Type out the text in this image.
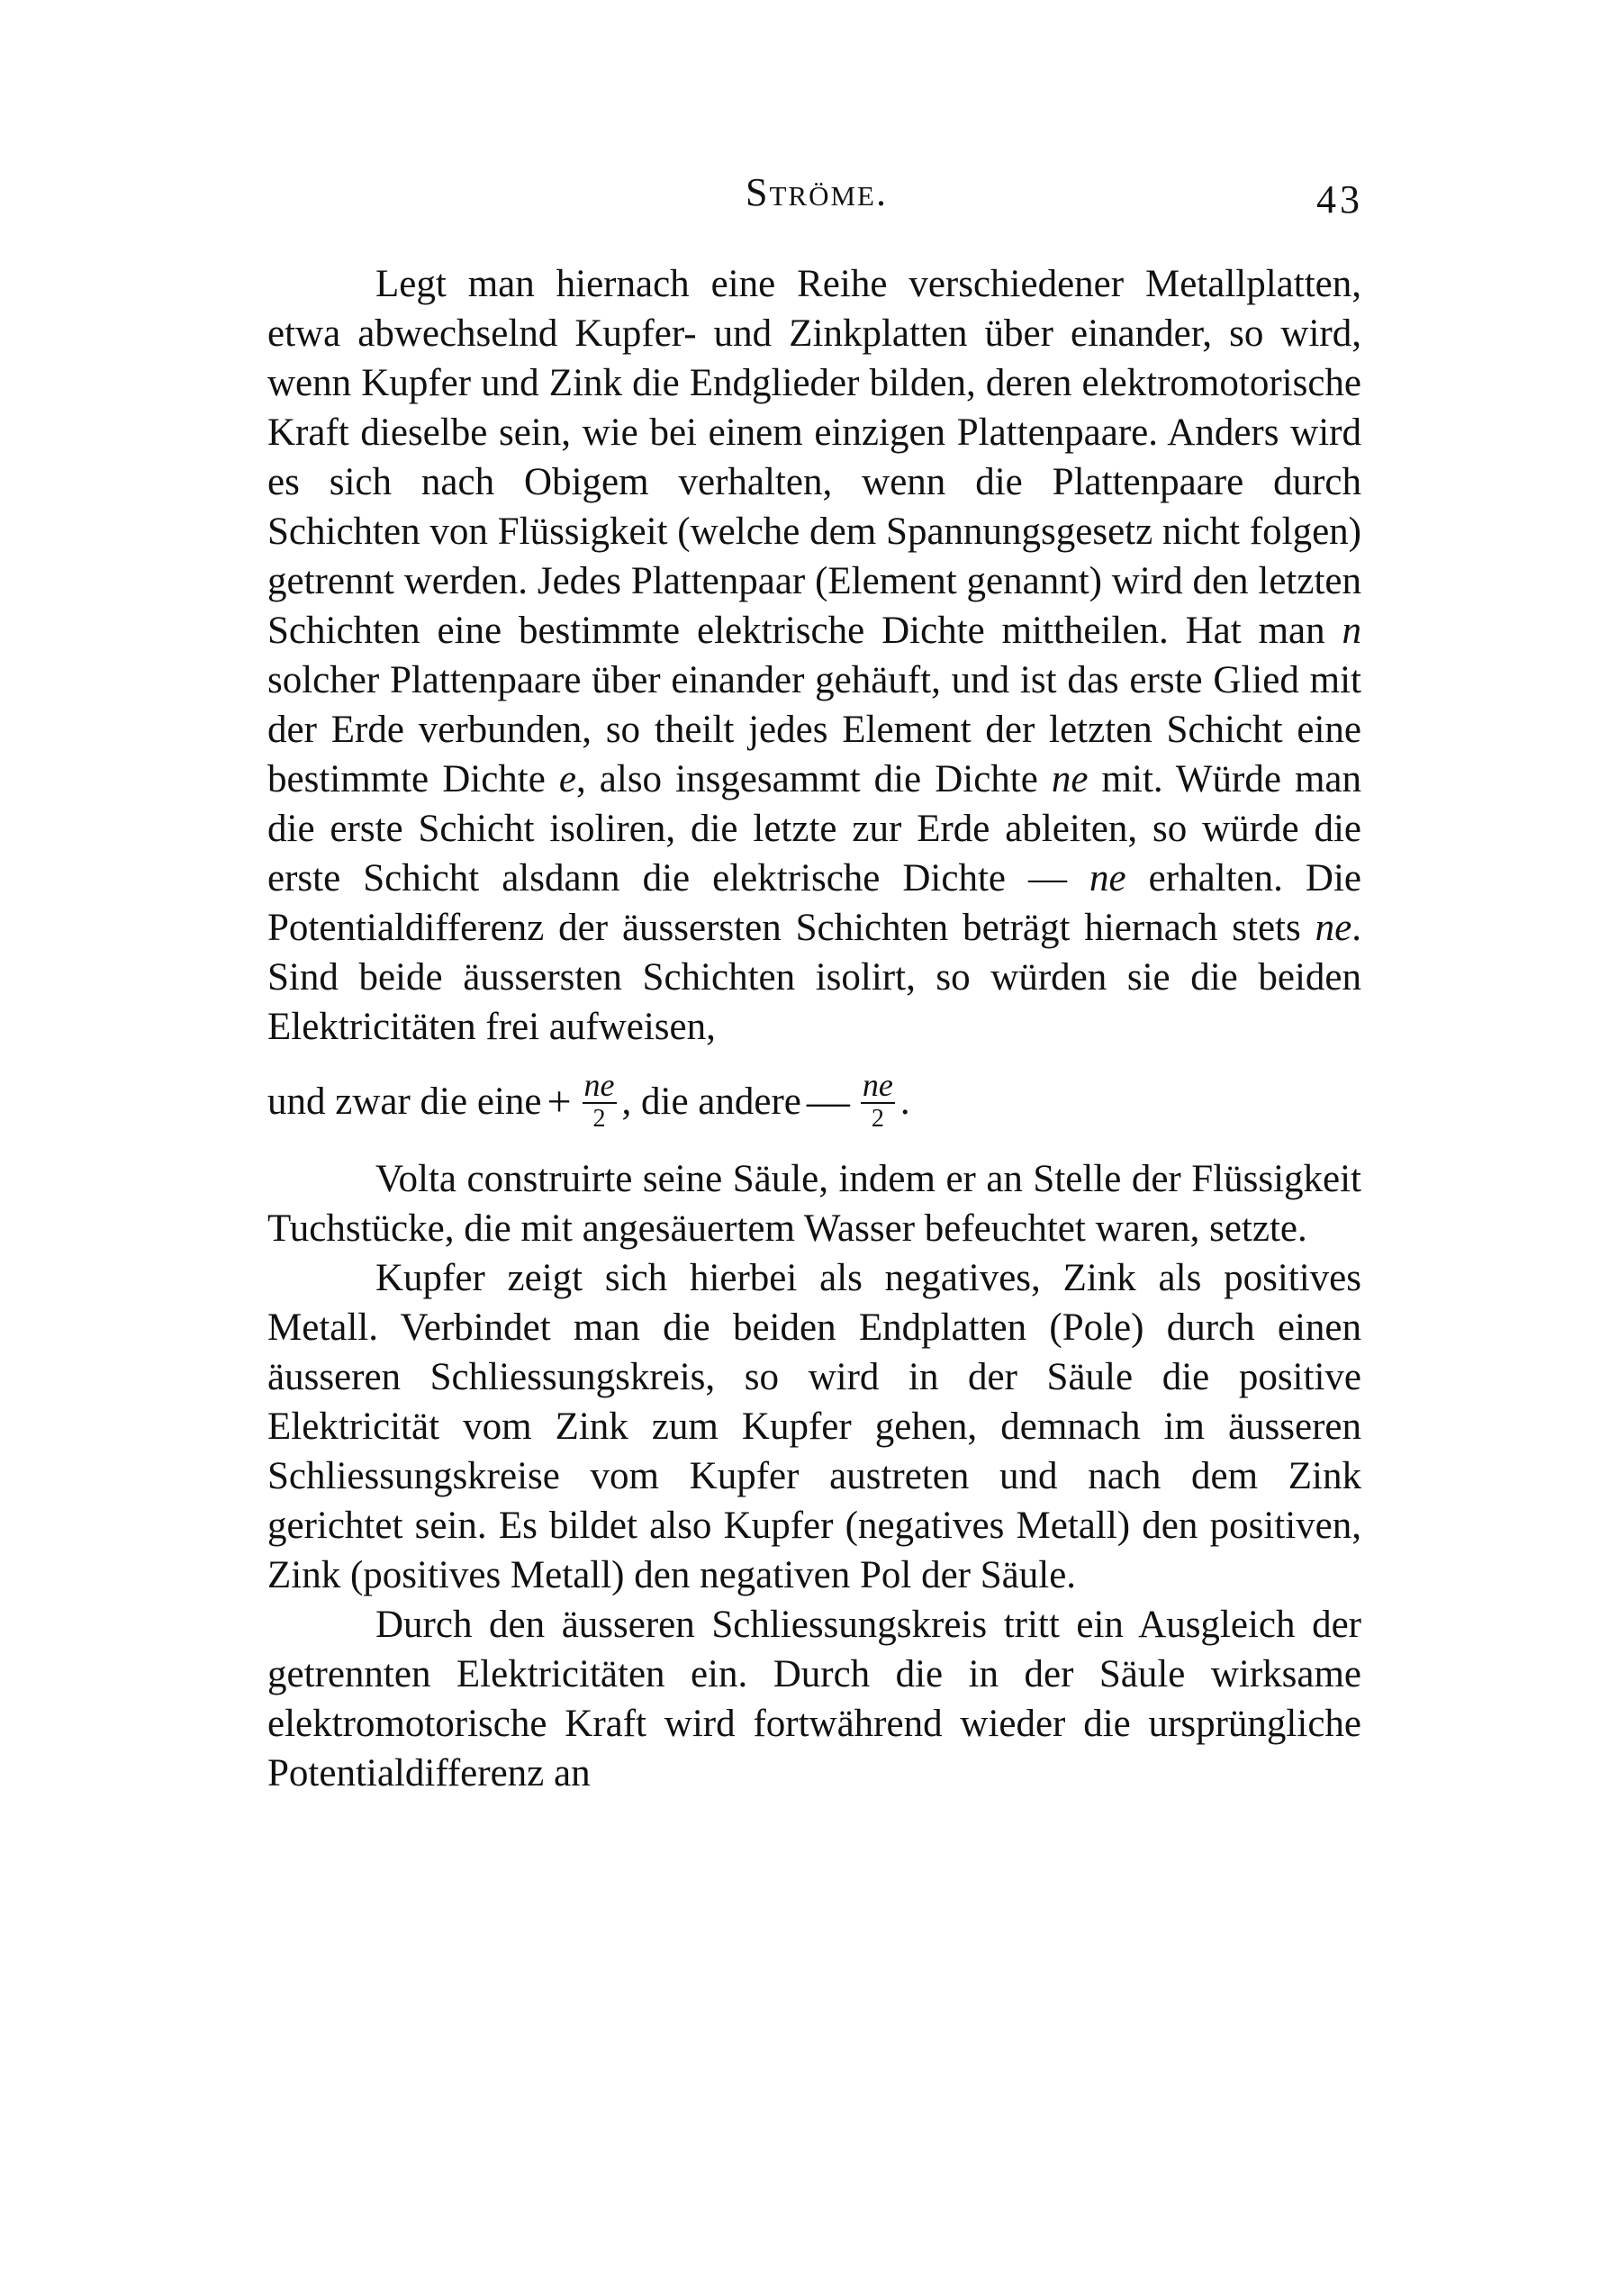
Ströme.	43

Legt man hiernach eine Reihe verschiedener Metallplatten, etwa abwechselnd Kupfer- und Zinkplatten über einander, so wird, wenn Kupfer und Zink die Endglieder bilden, deren elektromotorische Kraft dieselbe sein, wie bei einem einzigen Plattenpaare. Anders wird es sich nach Obigem verhalten, wenn die Plattenpaare durch Schichten von Flüssigkeit (welche dem Spannungsgesetz nicht folgen) getrennt werden. Jedes Plattenpaar (Element genannt) wird den letzten Schichten eine bestimmte elektrische Dichte mittheilen. Hat man n solcher Plattenpaare über einander gehäuft, und ist das erste Glied mit der Erde verbunden, so theilt jedes Element der letzten Schicht eine bestimmte Dichte e, also insgesammt die Dichte ne mit. Würde man die erste Schicht isoliren, die letzte zur Erde ableiten, so würde die erste Schicht alsdann die elektrische Dichte — ne erhalten. Die Potentialdifferenz der äussersten Schichten beträgt hiernach stets ne. Sind beide äussersten Schichten isolirt, so würden sie die beiden Elektricitäten frei aufweisen,

und zwar die eine + $\frac{ne}{2}$ , die andere — $\frac{ne}{2}$ .

Volta construirte seine Säule, indem er an Stelle der Flüssigkeit Tuchstücke, die mit angesäuertem Wasser befeuchtet waren, setzte.

Kupfer zeigt sich hierbei als negatives, Zink als positives Metall. Verbindet man die beiden Endplatten (Pole) durch einen äusseren Schliessungskreis, so wird in der Säule die positive Elektricität vom Zink zum Kupfer gehen, demnach im äusseren Schliessungskreise vom Kupfer austreten und nach dem Zink gerichtet sein. Es bildet also Kupfer (negatives Metall) den positiven, Zink (positives Metall) den negativen Pol der Säule.

Durch den äusseren Schliessungskreis tritt ein Ausgleich der getrennten Elektricitäten ein. Durch die in der Säule wirksame elektromotorische Kraft wird fortwährend wieder die ursprüngliche Potentialdifferenz an
